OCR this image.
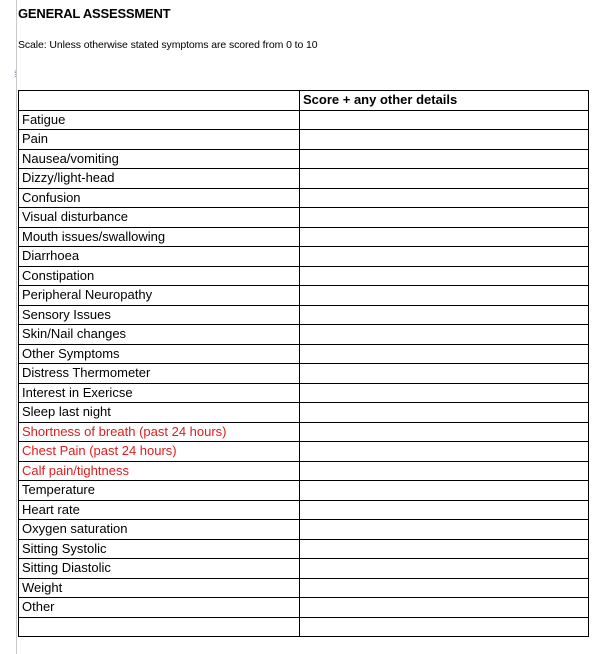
GENERAL ASSESSMENT
Scale: Unless otherwise stated symptoms are scored from 0 to 10
⁞
	Score + any other details
Fatigue	
Pain	
Nausea/vomiting	
Dizzy/light-head	
Confusion	
Visual disturbance	
Mouth issues/swallowing	
Diarrhoea	
Constipation	
Peripheral Neuropathy	
Sensory Issues	
Skin/Nail changes	
Other Symptoms	
Distress Thermometer	
Interest in Exericse	
Sleep last night	
Shortness of breath (past 24 hours)	
Chest Pain (past 24 hours)	
Calf pain/tightness	
Temperature	
Heart rate	
Oxygen saturation	
Sitting Systolic	
Sitting Diastolic	
Weight	
Other	
